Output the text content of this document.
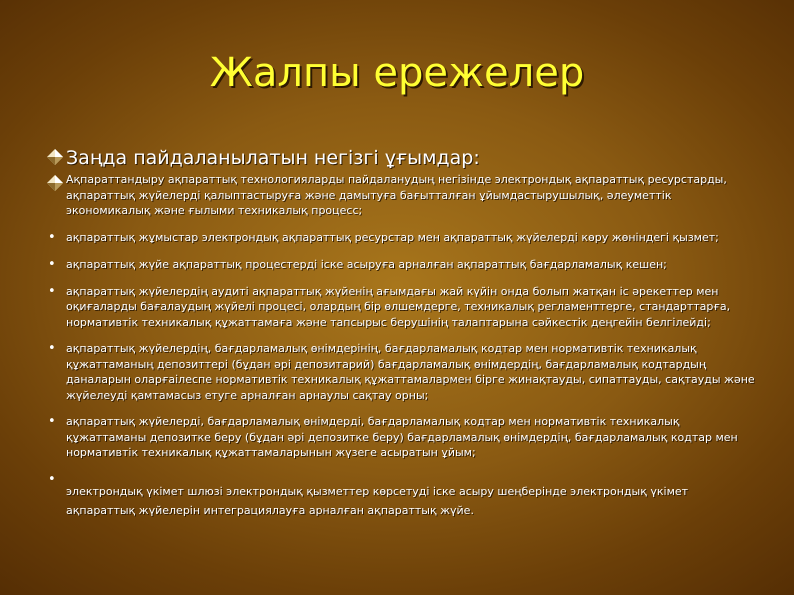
Жалпы ережелер
Заңда пайдаланылатын негізгі ұғымдар:
Ақпараттандыру ақпараттық технологияларды пайдаланудың негізінде электрондық ақпараттық ресурстарды, ақпараттық жүйелерді қалыптастыруға және дамытуға бағытталған ұйымдастырушылық, әлеуметтік экономикалық және ғылыми техникалық процесс;
• ақпараттық жұмыстар электрондық ақпараттық ресурстар мен ақпараттық жүйелерді көру жөніндегі қызмет;
• ақпараттық жүйе ақпараттық процестерді іске асыруға арналған ақпараттық бағдарламалық кешен;
• ақпараттық жүйелердің аудиті ақпараттық жүйенің ағымдағы жай күйін онда болып жатқан іс әрекеттер мен оқиғаларды бағалаудың жүйелі процесі, олардың бір өлшемдерге, техникалық регламенттерге, стандарттарға, нормативтік техникалық құжаттамаға және тапсырыс берушінің талаптарына сәйкестік деңгейін белгілейді;
• ақпараттық жүйелердің, бағдарламалық өнімдерінің, бағдарламалық кодтар мен нормативтік техникалық құжаттаманың депозиттері (бұдан әрі депозитарий) бағдарламалық өнімдердің, бағдарламалық кодтардың даналарын оларғаілеспе нормативтік техникалық құжаттамалармен бірге жинақтауды, сипаттауды, сақтауды және жүйелеуді қамтамасыз етуге арналған арнаулы сақтау орны;
• ақпараттық жүйелерді, бағдарламалық өнімдерді, бағдарламалық кодтар мен нормативтік техникалық құжаттаманы депозитке беру (бұдан әрі депозитке беру) бағдарламалық өнімдердің, бағдарламалық кодтар мен нормативтік техникалық құжаттамаларынын жүзеге асыратын ұйым;
•
электрондық үкімет шлюзі электрондық қызметтер көрсетуді іске асыру шеңберінде электрондық үкімет ақпараттық жүйелерін интеграциялауға арналған ақпараттық жүйе.
